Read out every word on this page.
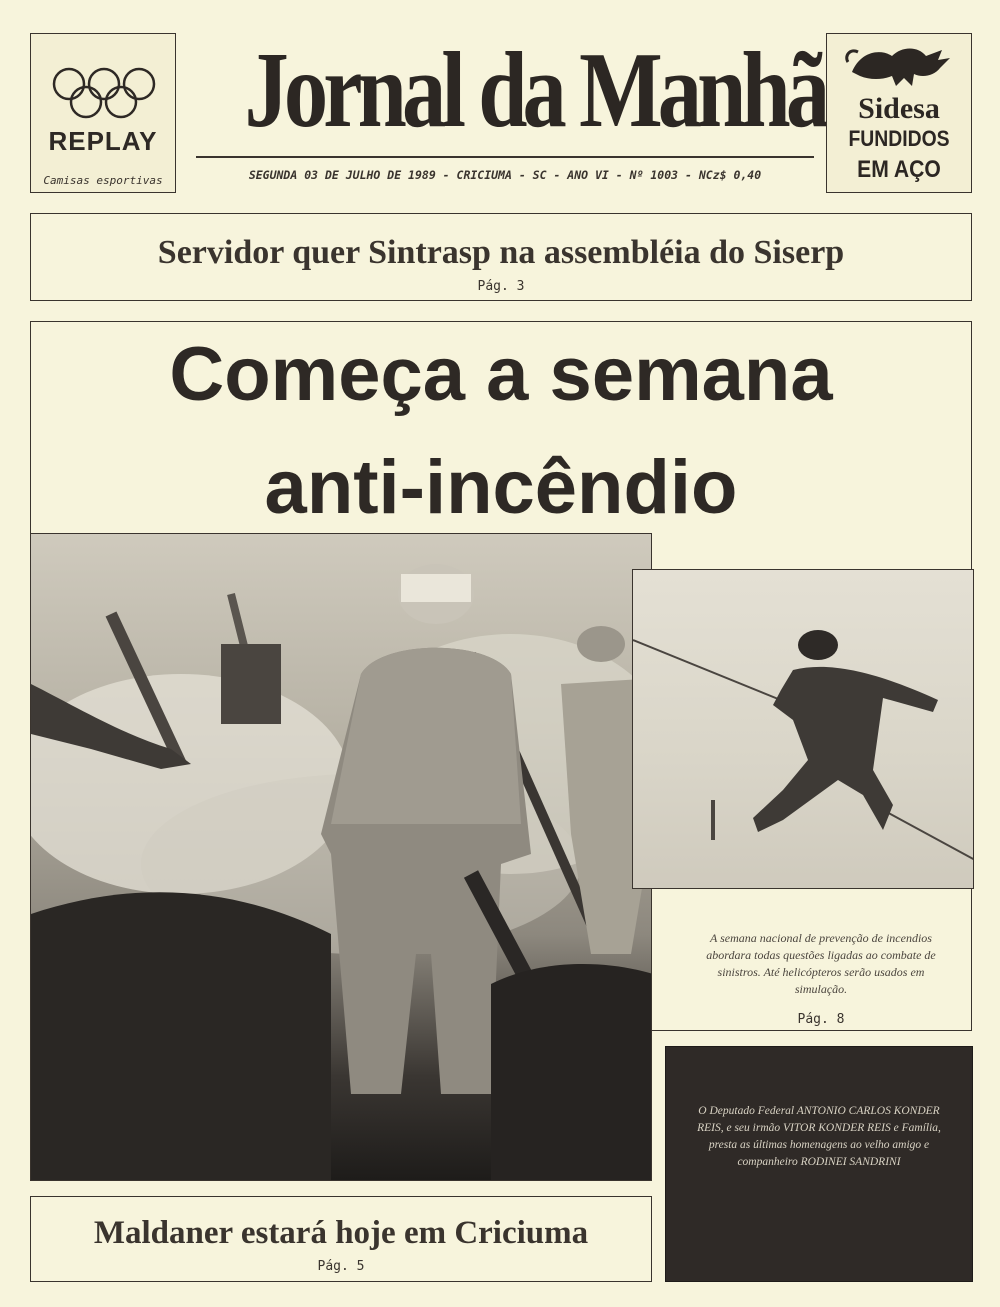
REPLAY
Camisas esportivas
Jornal da Manhã
SEGUNDA 03 DE JULHO DE 1989 - CRICIUMA - SC - ANO VI - Nº 1003 - NCz$ 0,40
Sidesa
FUNDIDOS
EM AÇO
Servidor quer Sintrasp na assembléia do Siserp
Pág. 3
Começa a semana
anti-incêndio
A semana nacional de prevenção de incendios abordara todas questões ligadas ao combate de sinistros. Até helicópteros serão usados em simulação.
Pág. 8
O Deputado Federal ANTONIO CARLOS KONDER REIS, e seu irmão VITOR KONDER REIS e Família, presta as últimas homenagens ao velho amigo e companheiro RODINEI SANDRINI
Maldaner estará hoje em Criciuma
Pág. 5
